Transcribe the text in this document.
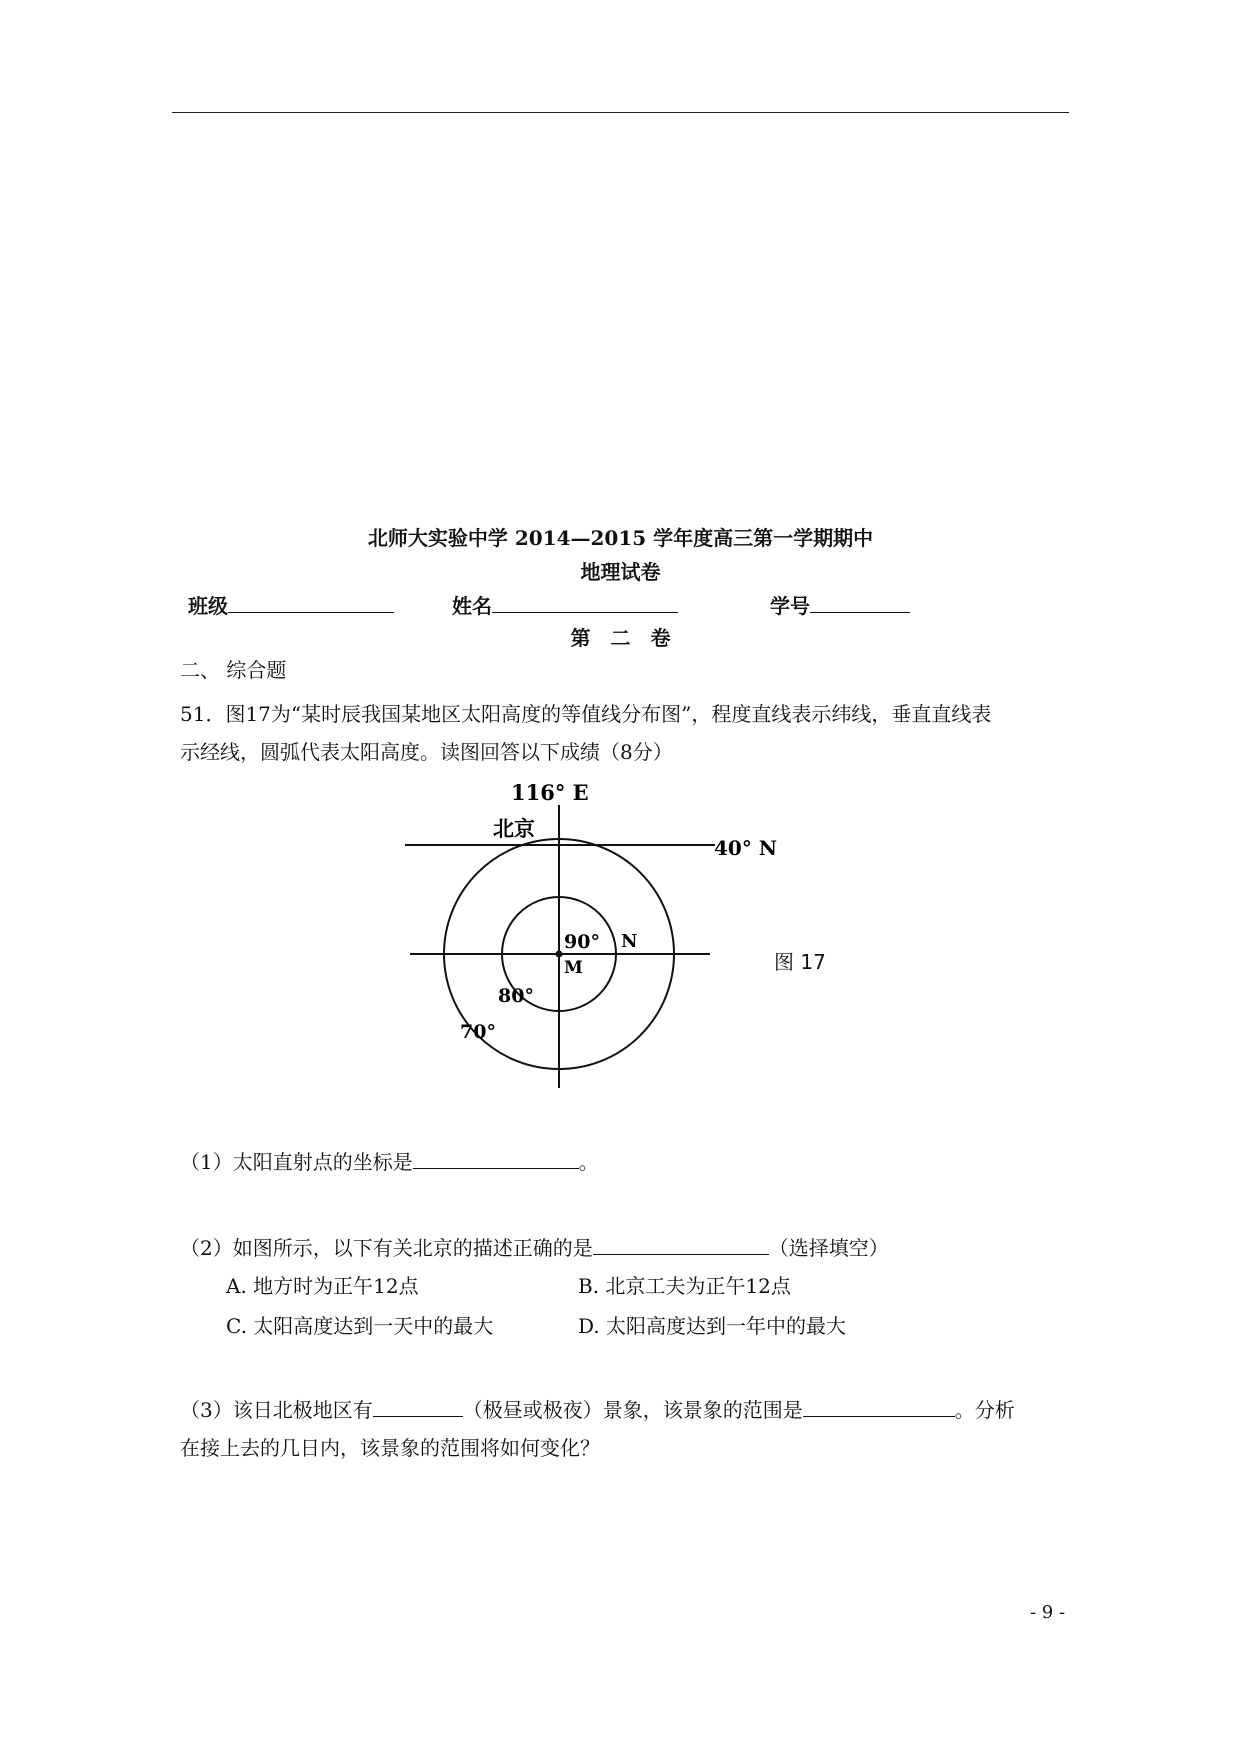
北师大实验中学 2014—2015 学年度高三第一学期期中
地理试卷
班级	姓名	学号
第　二　卷
二、 综合题
51．图17为“某时辰我国某地区太阳高度的等值线分布图”，程度直线表示纬线，垂直直线表
示经线，圆弧代表太阳高度。读图回答以下成绩（8分）
116° E
北京
40° N
90°
M
N
80°
70°
图 17
（1）太阳直射点的坐标是	。
（2）如图所示，以下有关北京的描述正确的是	（选择填空）
A. 地方时为正午12点	B. 北京工夫为正午12点
C. 太阳高度达到一天中的最大	D. 太阳高度达到一年中的最大
（3）该日北极地区有	（极昼或极夜）景象，该景象的范围是	。分析
在接上去的几日内，该景象的范围将如何变化？
- 9 -
